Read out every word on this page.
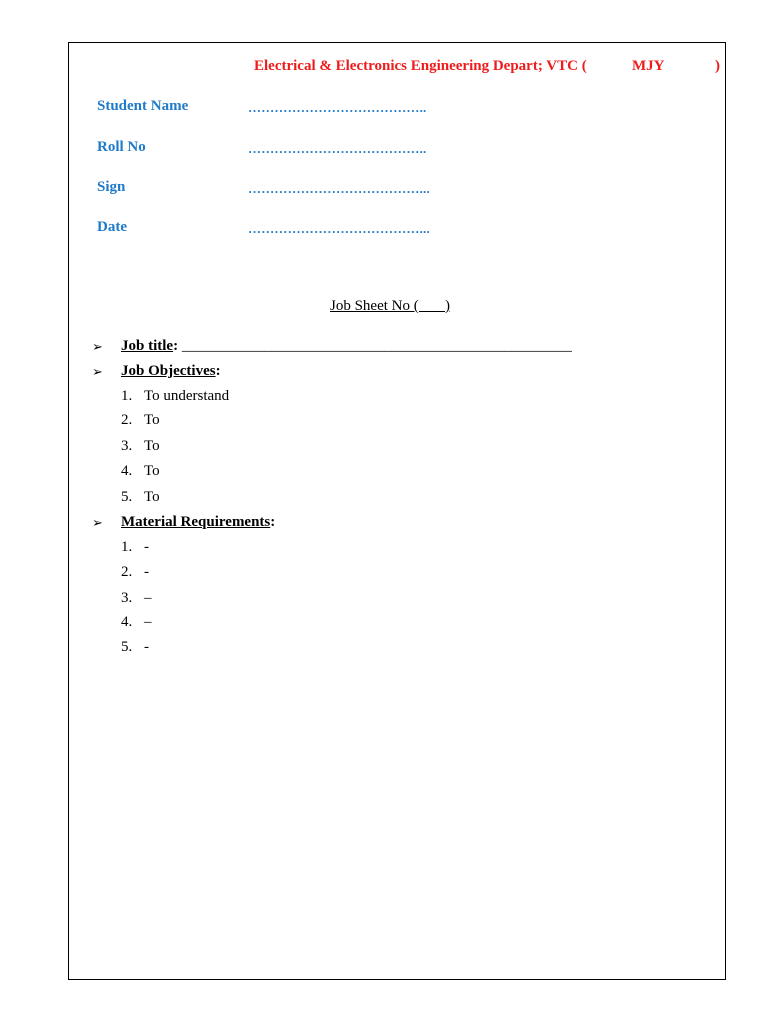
Electrical & Electronics Engineering Depart; VTC (	MJY	)
Student Name	…………………………………..
Roll No	…………………………………..
Sign	…………………………………...
Date	…………………………………...
Job Sheet No (       )
➢ Job title: ____________________________________________________
➢ Job Objectives:
1. To understand
2. To
3. To
4. To
5. To
➢ Material Requirements:
1. -
2. -
3. –
4. –
5. -
